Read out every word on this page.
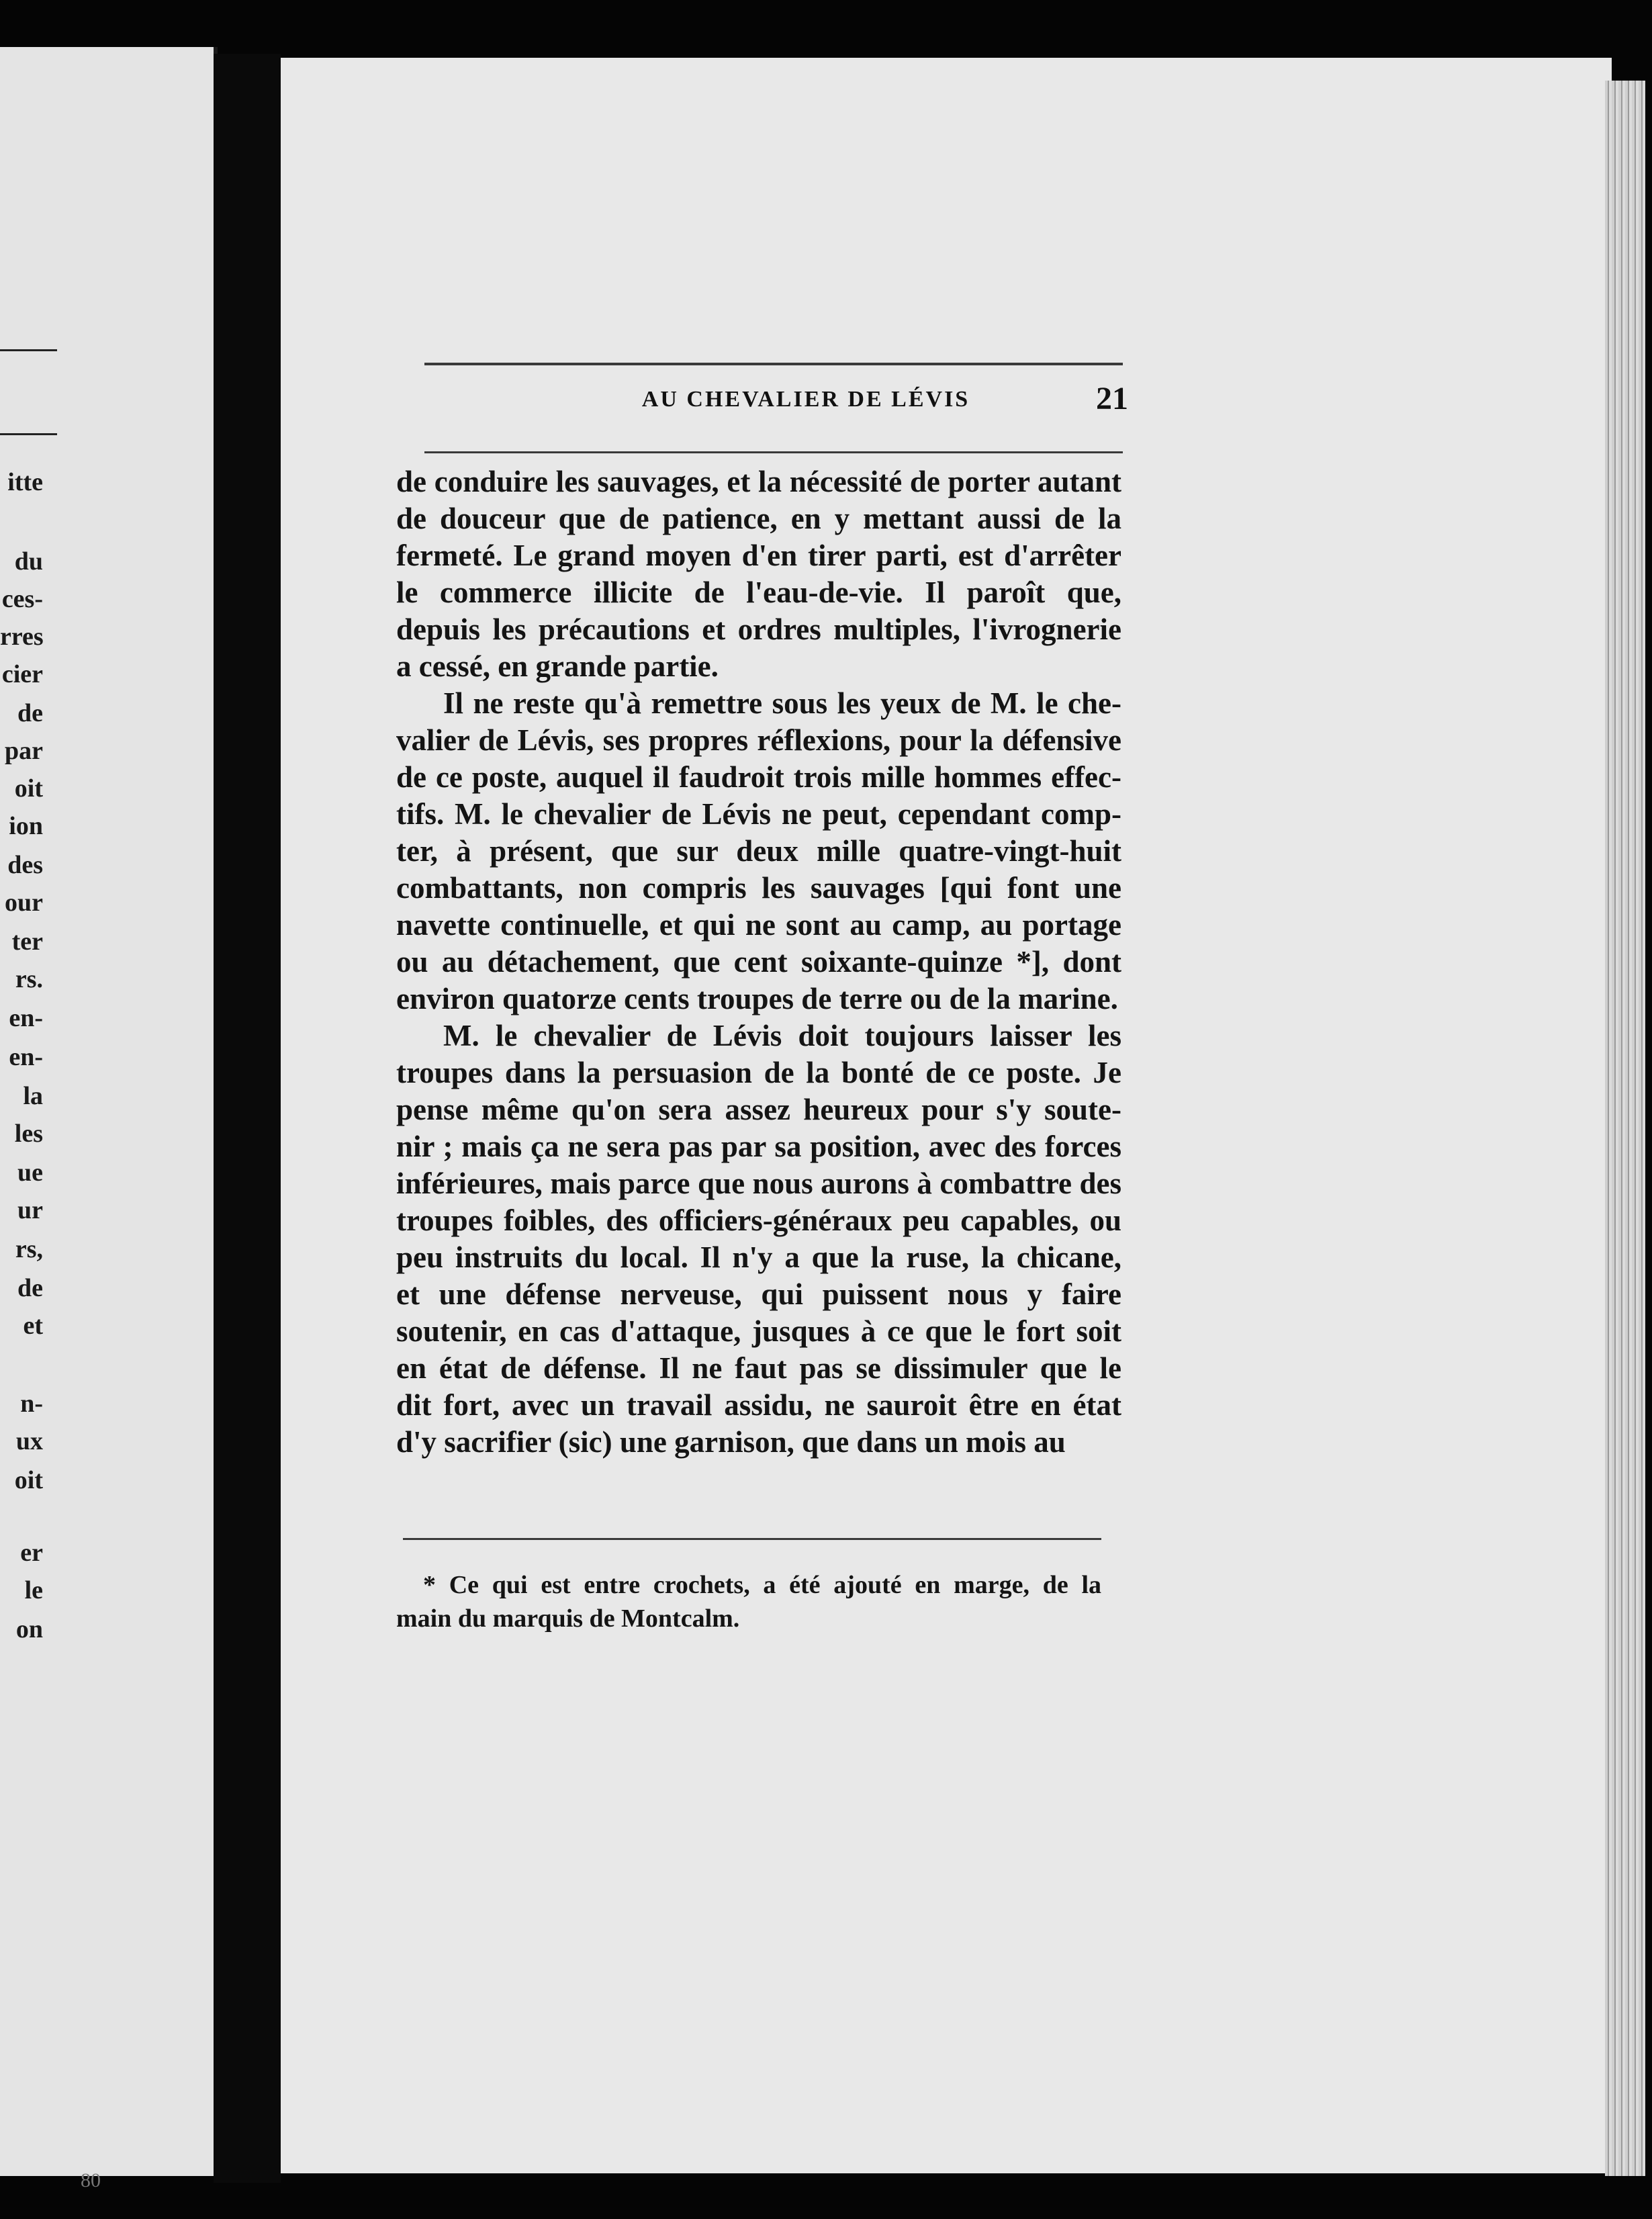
itte
du
ces-
rres
cier
de
par
oit
ion
des
our
ter
rs.
en-
en-
la
les
ue
ur
rs,
de
et
n-
ux
oit
er
le
on
80
AU CHEVALIER DE LÉVIS	21

de conduire les sauvages, et la nécessité de porter autant
de douceur que de patience, en y mettant aussi de la
fermeté. Le grand moyen d'en tirer parti, est d'arrêter
le commerce illicite de l'eau-de-vie. Il paroît que,
depuis les précautions et ordres multiples, l'ivrognerie
a cessé, en grande partie.

Il ne reste qu'à remettre sous les yeux de M. le che-
valier de Lévis, ses propres réflexions, pour la défensive
de ce poste, auquel il faudroit trois mille hommes effec-
tifs. M. le chevalier de Lévis ne peut, cependant comp-
ter, à présent, que sur deux mille quatre-vingt-huit
combattants, non compris les sauvages [qui font une
navette continuelle, et qui ne sont au camp, au portage
ou au détachement, que cent soixante-quinze *], dont
environ quatorze cents troupes de terre ou de la marine.

M. le chevalier de Lévis doit toujours laisser les
troupes dans la persuasion de la bonté de ce poste. Je
pense même qu'on sera assez heureux pour s'y soute-
nir ; mais ça ne sera pas par sa position, avec des forces
inférieures, mais parce que nous aurons à combattre des
troupes foibles, des officiers-généraux peu capables, ou
peu instruits du local. Il n'y a que la ruse, la chicane,
et une défense nerveuse, qui puissent nous y faire
soutenir, en cas d'attaque, jusques à ce que le fort soit
en état de défense. Il ne faut pas se dissimuler que le
dit fort, avec un travail assidu, ne sauroit être en état
d'y sacrifier (sic) une garnison, que dans un mois au

* Ce qui est entre crochets, a été ajouté en marge, de la
main du marquis de Montcalm.
